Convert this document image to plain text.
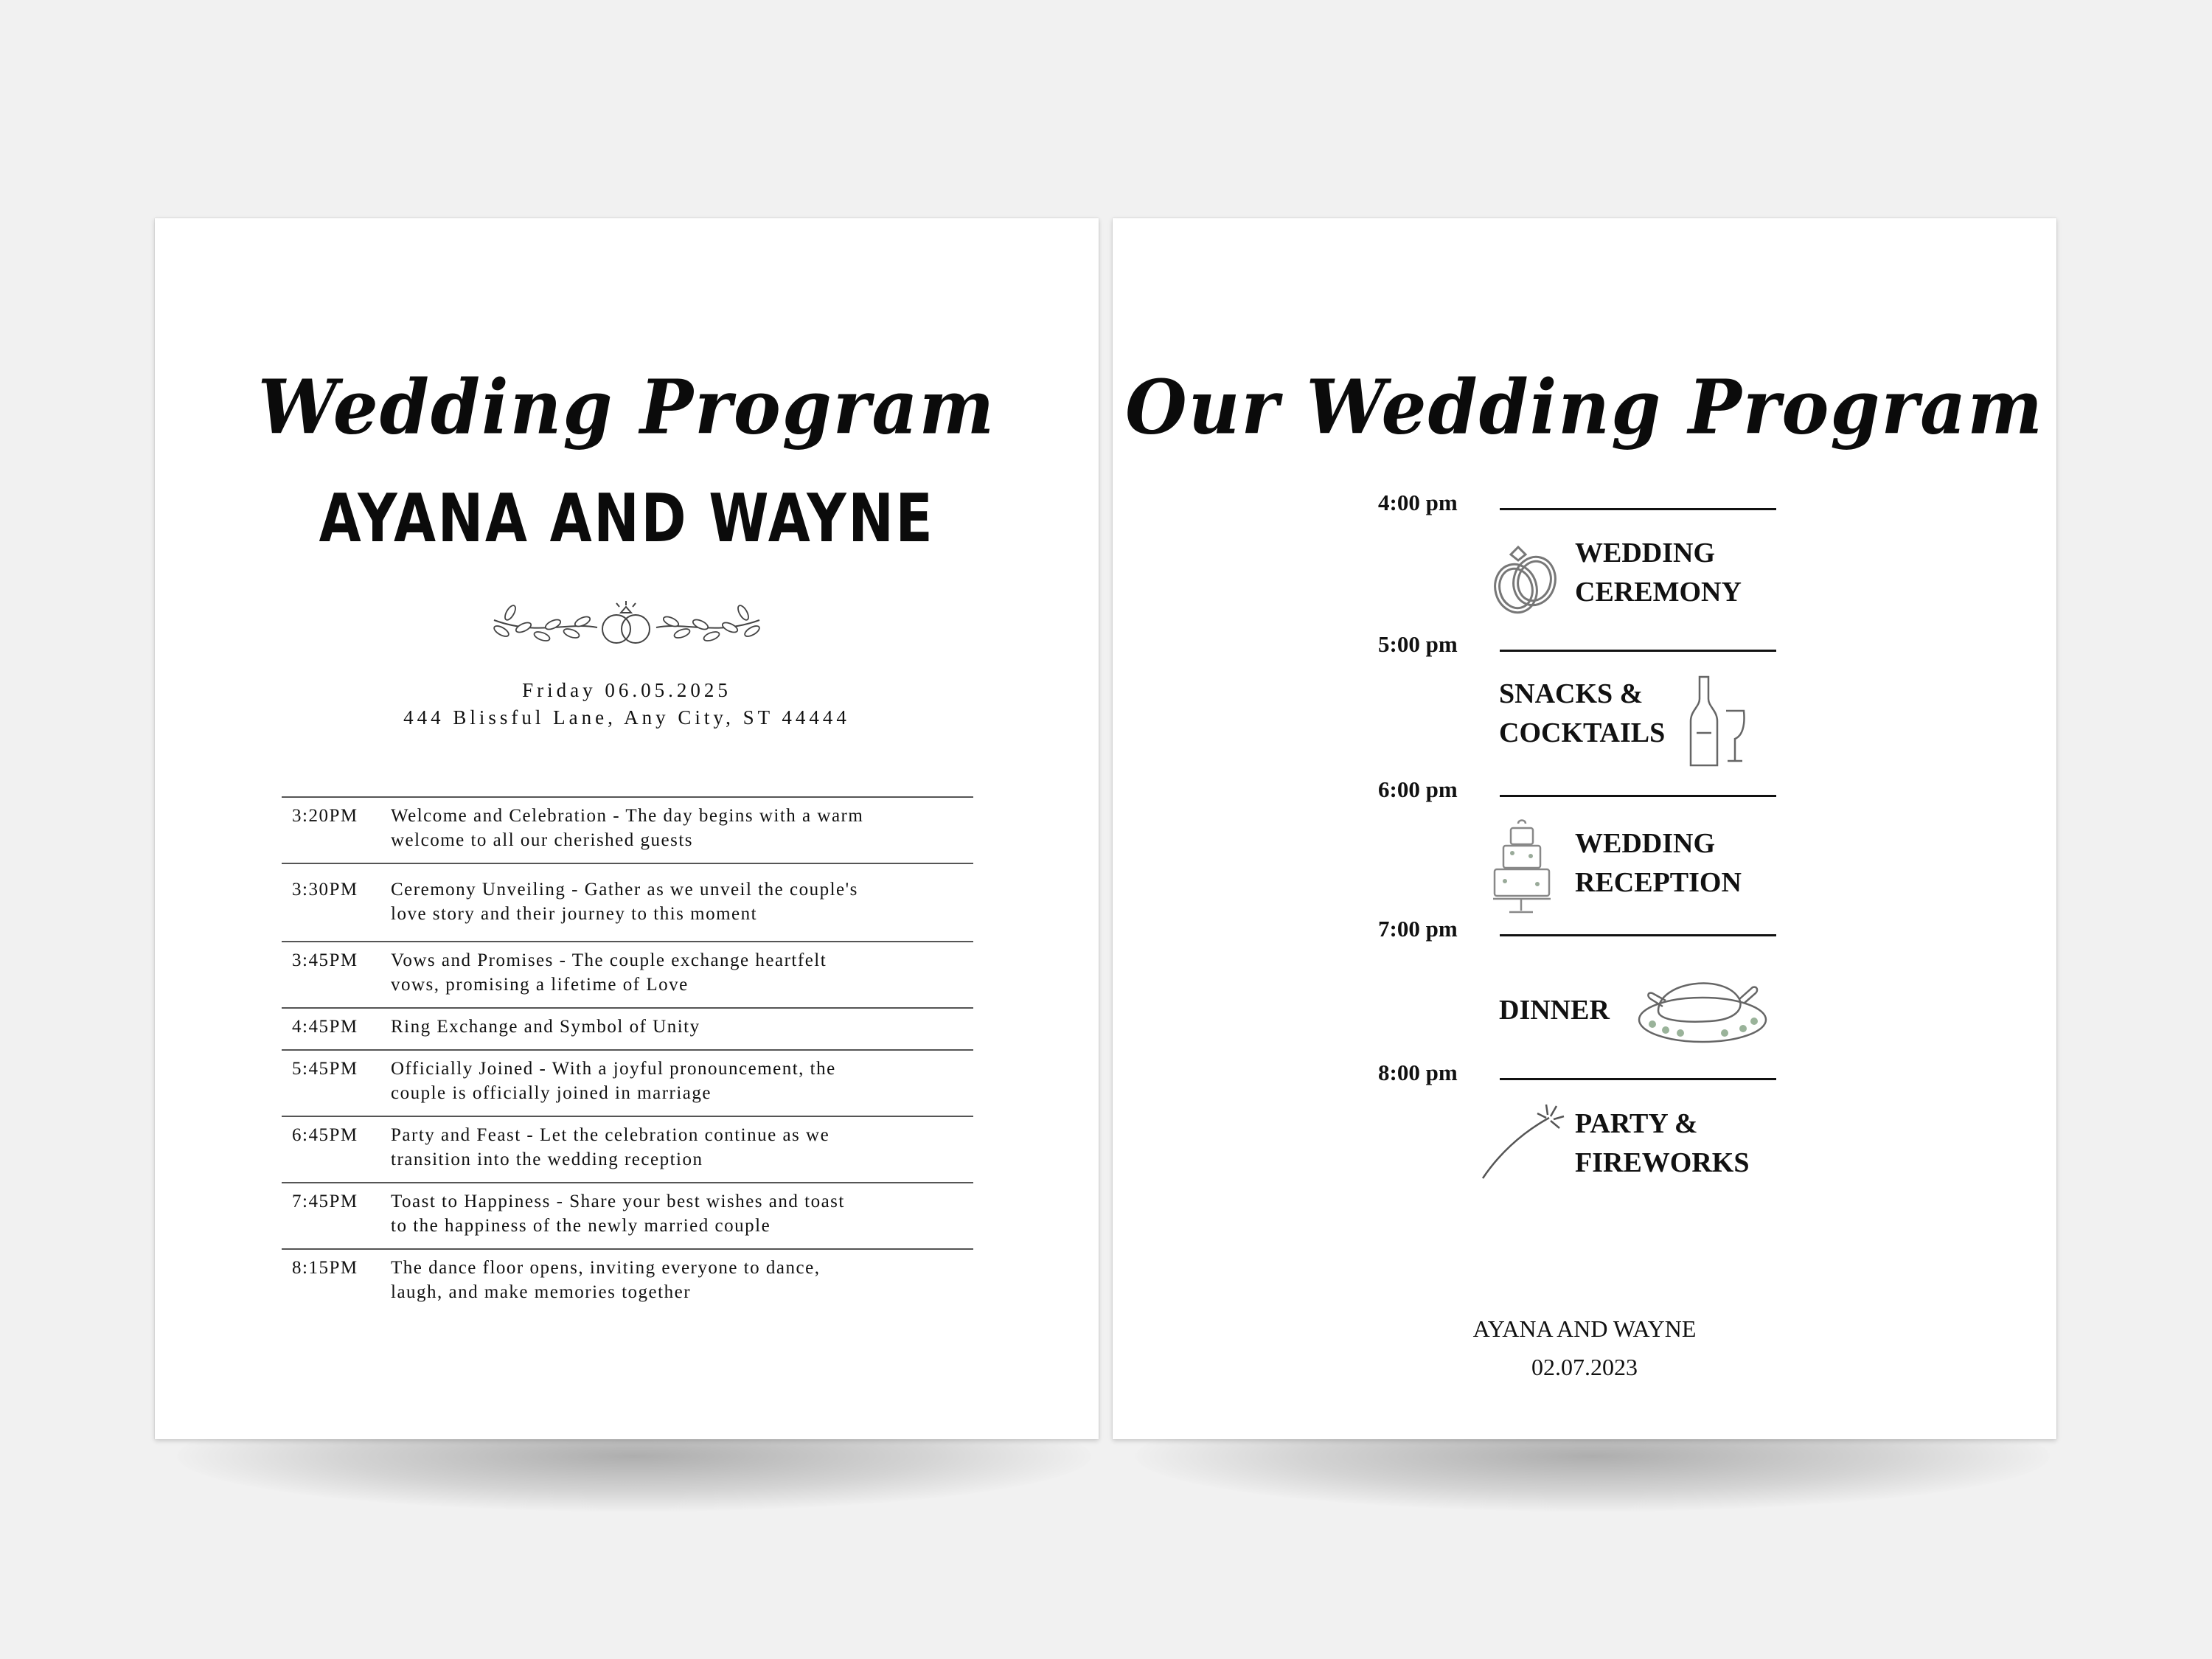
Wedding Program
AYANA AND WAYNE
Friday 06.05.2025
444 Blissful Lane, Any City, ST 44444
3:20PM	Welcome and Celebration - The day begins with a warm
welcome to all our cherished guests
3:30PM	Ceremony Unveiling - Gather as we unveil the couple's
love story and their journey to this moment
3:45PM	Vows and Promises - The couple exchange heartfelt
vows, promising a lifetime of Love
4:45PM	Ring Exchange and Symbol of Unity
5:45PM	Officially Joined - With a joyful pronouncement, the
couple is officially joined in marriage
6:45PM	Party and Feast - Let the celebration continue as we
transition into the wedding reception
7:45PM	Toast to Happiness - Share your best wishes and toast
to the happiness of the newly married couple
8:15PM	The dance floor opens, inviting everyone to dance,
laugh, and make memories together
Our Wedding Program
4:00 pm
WEDDING
CEREMONY
5:00 pm
SNACKS &
COCKTAILS
6:00 pm
WEDDING
RECEPTION
7:00 pm
DINNER
8:00 pm
PARTY &
FIREWORKS
AYANA AND WAYNE
02.07.2023
